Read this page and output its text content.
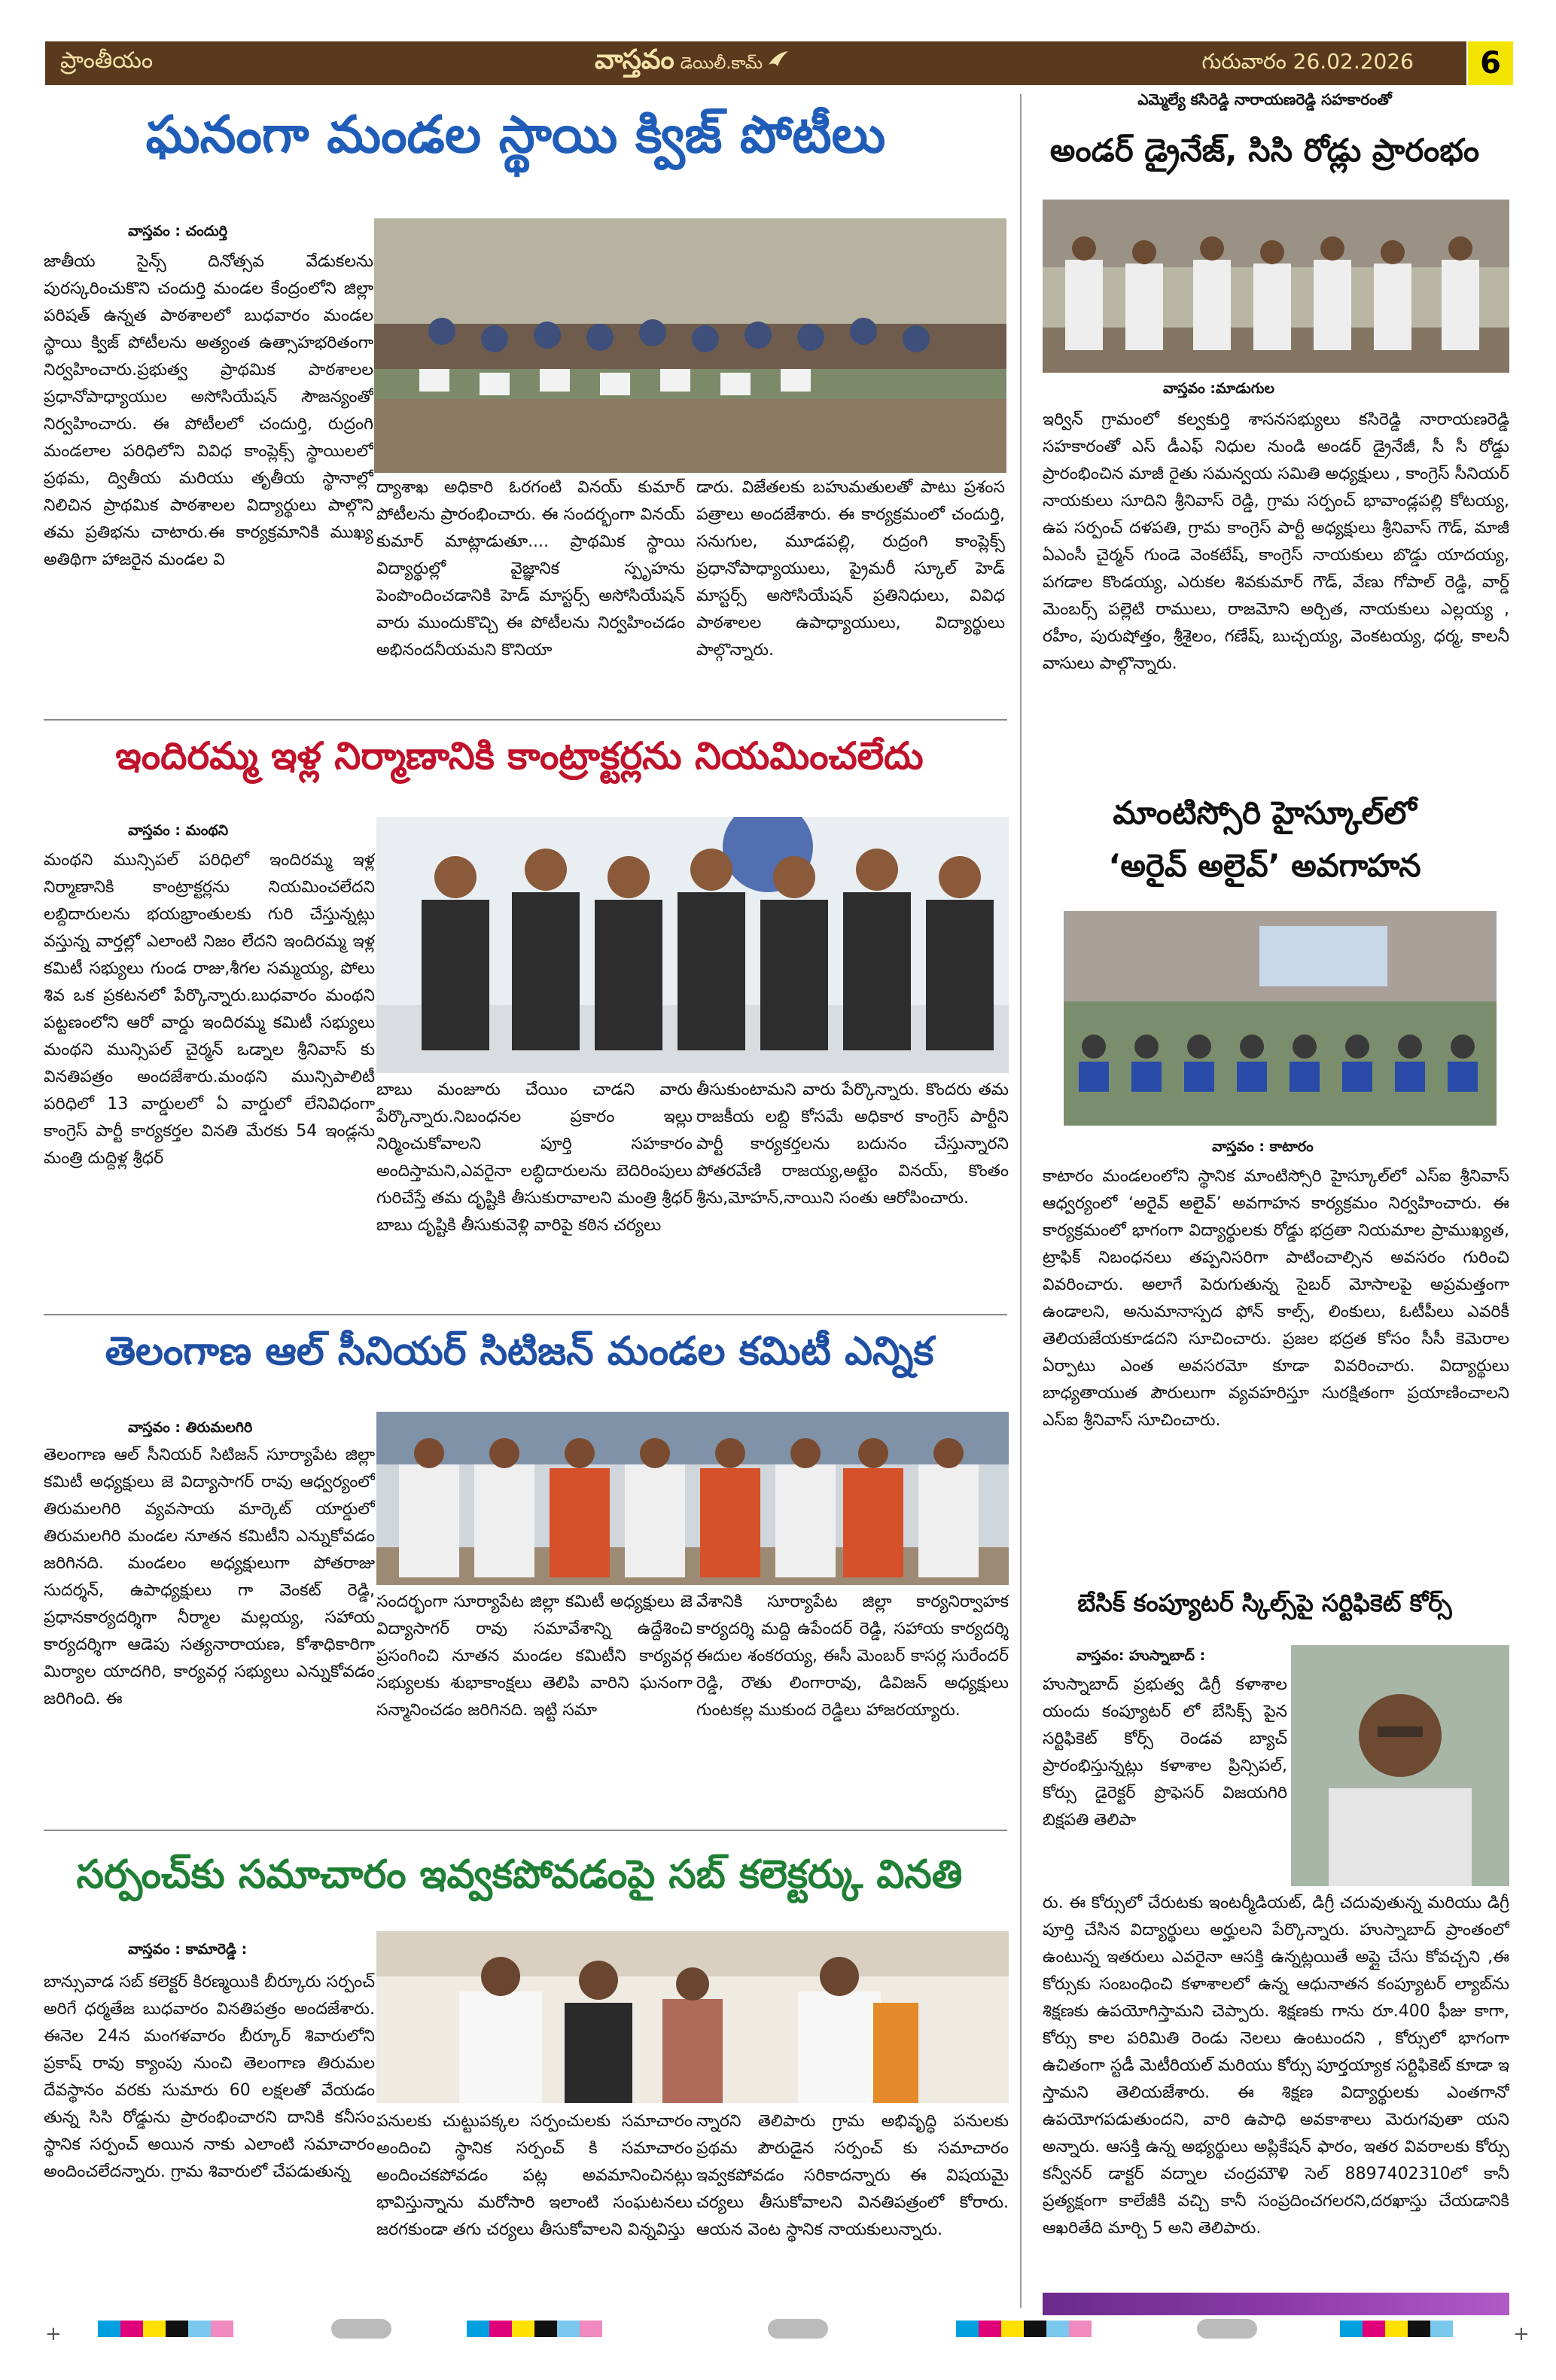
ప్రాంతీయం	వాస్తవం డెయిలీ.కామ్	గురువారం 26.02.2026	6
ఘనంగా మండల స్థాయి క్విజ్ పోటీలు
వాస్తవం : చందుర్తి
జాతీయ సైన్స్ దినోత్సవ వేడుకలను పురస్కరించుకొని చందుర్తి మండల కేంద్రంలోని జిల్లా పరిషత్ ఉన్నత పాఠశాలలో బుధవారం మండల స్థాయి క్విజ్ పోటీలను అత్యంత ఉత్సాహభరితంగా నిర్వహించారు.ప్రభుత్వ ప్రాథమిక పాఠశాలల ప్రధానోపాధ్యాయుల అసోసియేషన్ సౌజన్యంతో నిర్వహించారు. ఈ పోటీలలో చందుర్తి, రుద్రంగి మండలాల పరిధిలోని వివిధ కాంప్లెక్స్ స్థాయిలలో ప్రథమ, ద్వితీయ మరియు తృతీయ స్థానాల్లో నిలిచిన ప్రాథమిక పాఠశాలల విద్యార్థులు పాల్గొని తమ ప్రతిభను చాటారు.ఈ కార్యక్రమానికి ముఖ్య అతిథిగా హాజరైన మండల వి
ద్యాశాఖ అధికారి ఓరగంటి వినయ్ కుమార్ పోటీలను ప్రారంభించారు. ఈ సందర్భంగా వినయ్ కుమార్ మాట్లాడుతూ.... ప్రాథమిక స్థాయి విద్యార్థుల్లో వైజ్ఞానిక స్పృహను పెంపొందించడానికి హెడ్ మాస్టర్స్ అసోసియేషన్ వారు ముందుకొచ్చి ఈ పోటీలను నిర్వహించడం అభినందనీయమని కొనియా
డారు. విజేతలకు బహుమతులతో పాటు ప్రశంస పత్రాలు అందజేశారు. ఈ కార్యక్రమంలో చందుర్తి, సనుగుల, మూడపల్లి, రుద్రంగి కాంప్లెక్స్ ప్రధానోపాధ్యాయులు, ప్రైమరీ స్కూల్ హెడ్ మాస్టర్స్ అసోసియేషన్ ప్రతినిధులు, వివిధ పాఠశాలల ఉపాధ్యాయులు, విద్యార్థులు పాల్గొన్నారు.
ఇందిరమ్మ ఇళ్ల నిర్మాణానికి కాంట్రాక్టర్లను నియమించలేదు
వాస్తవం : మంథని
మంథని మున్సిపల్ పరిధిలో ఇందిరమ్మ ఇళ్ల నిర్మాణానికి కాంట్రాక్టర్లను నియమించలేదని లబ్దిదారులను భయభ్రాంతులకు గురి చేస్తున్నట్లు వస్తున్న వార్తల్లో ఎలాంటి నిజం లేదని ఇందిరమ్మ ఇళ్ల కమిటీ సభ్యులు గుండ రాజు,శీగల సమ్మయ్య, పోలు శివ ఒక ప్రకటనలో పేర్కొన్నారు.బుధవారం మంథని పట్టణంలోని ఆరో వార్డు ఇందిరమ్మ కమిటీ సభ్యులు మంథని మున్సిపల్ చైర్మన్ ఒడ్నాల శ్రీనివాస్ కు వినతిపత్రం అందజేశారు.మంథని మున్సిపాలిటీ పరిధిలో 13 వార్డులలో ఏ వార్డులో లేనివిధంగా కాంగ్రెస్ పార్టీ కార్యకర్తల వినతి మేరకు 54 ఇండ్లను మంత్రి దుద్దిళ్ల శ్రీధర్
బాబు మంజూరు చేయిం చాడని వారు పేర్కొన్నారు.నిబంధనల ప్రకారం ఇల్లు నిర్మించుకోవాలని పూర్తి సహకారం అందిస్తామని,ఎవరైనా లబ్ధిదారులను బెదిరింపులు గురిచేస్తే తమ దృష్టికి తీసుకురావాలని మంత్రి శ్రీధర్ బాబు దృష్టికి తీసుకువెళ్లి వారిపై కఠిన చర్యలు
తీసుకుంటామని వారు పేర్కొన్నారు. కొందరు తమ రాజకీయ లబ్ది కోసమే అధికార కాంగ్రెస్ పార్టీని పార్టీ కార్యకర్తలను బదునం చేస్తున్నారని పోతరవేణి రాజయ్య,అట్టెం వినయ్, కొంతం శ్రీను,మోహన్,నాయిని సంతు ఆరోపించారు.
తెలంగాణ ఆల్ సీనియర్ సిటిజన్ మండల కమిటీ ఎన్నిక
వాస్తవం : తిరుమలగిరి
తెలంగాణ ఆల్ సీనియర్ సిటిజన్ సూర్యాపేట జిల్లా కమిటీ అధ్యక్షులు జె విద్యాసాగర్ రావు ఆధ్వర్యంలో తిరుమలగిరి వ్యవసాయ మార్కెట్ యార్డులో తిరుమలగిరి మండల నూతన కమిటీని ఎన్నుకోవడం జరిగినది. మండలం అధ్యక్షులుగా పోతరాజు సుదర్శన్, ఉపాధ్యక్షులు గా వెంకట్ రెడ్డి, ప్రధానకార్యదర్శిగా నీర్మాల మల్లయ్య, సహాయ కార్యదర్శిగా ఆడెపు సత్యనారాయణ, కోశాధికారిగా మిర్యాల యాదగిరి, కార్యవర్గ సభ్యులు ఎన్నుకోవడం జరిగింది. ఈ
సందర్భంగా సూర్యాపేట జిల్లా కమిటీ అధ్యక్షులు జె విద్యాసాగర్ రావు సమావేశాన్ని ఉద్దేశించి ప్రసంగించి నూతన మండల కమిటీని కార్యవర్గ సభ్యులకు శుభాకాంక్షలు తెలిపి వారిని ఘనంగా సన్మానించడం జరిగినది. ఇట్టి సమా
వేశానికి సూర్యాపేట జిల్లా కార్యనిర్వాహక కార్యదర్శి మద్ది ఉపేందర్ రెడ్డి, సహాయ కార్యదర్శి ఈదుల శంకరయ్య, ఈసీ మెంబర్ కాసర్ల సురేందర్ రెడ్డి, రౌతు లింగారావు, డివిజన్ అధ్యక్షులు గుంటకల్ల ముకుంద రెడ్డిలు హాజరయ్యారు.
సర్పంచ్‌కు సమాచారం ఇవ్వకపోవడంపై సబ్ కలెక్టర్కు వినతి
వాస్తవం : కామారెడ్డి :
బాన్సువాడ సబ్ కలెక్టర్ కిరణ్మయికి బీర్కూరు సర్పంచ్ అరిగే ధర్మతేజ బుధవారం వినతిపత్రం అందజేశారు. ఈనెల 24న మంగళవారం బీర్కూర్ శివారులోని ప్రకాష్ రావు క్యాంపు నుంచి తెలంగాణ తిరుమల దేవస్థానం వరకు సుమారు 60 లక్షలతో వేయడం తున్న సిసి రోడ్డును ప్రారంభించారని దానికి కనీసం స్థానిక సర్పంచ్ అయిన నాకు ఎలాంటి సమాచారం అందించలేదన్నారు. గ్రామ శివారులో చేపడుతున్న
పనులకు చుట్టుపక్కల సర్పంచులకు సమాచారం అందించి స్థానిక సర్పంచ్ కి సమాచారం అందించకపోవడం పట్ల అవమానించినట్లు భావిస్తున్నాను మరోసారి ఇలాంటి సంఘటనలు జరగకుండా తగు చర్యలు తీసుకోవాలని విన్నవిస్తు
న్నారని తెలిపారు గ్రామ అభివృద్ధి పనులకు ప్రథమ పౌరుడైన సర్పంచ్ కు సమాచారం ఇవ్వకపోవడం సరికాదన్నారు ఈ విషయమై చర్యలు తీసుకోవాలని వినతిపత్రంలో కోరారు. ఆయన వెంట స్థానిక నాయకులున్నారు.
ఎమ్మెల్యే కసిరెడ్డి నారాయణరెడ్డి సహకారంతో
అండర్ డ్రైనేజ్, సిసి రోడ్లు ప్రారంభం
వాస్తవం :మాడుగుల
ఇర్విన్ గ్రామంలో కల్వకుర్తి శాసనసభ్యులు కసిరెడ్డి నారాయణరెడ్డి సహకారంతో ఎస్ డీఎఫ్ నిధుల నుండి అండర్ డ్రైనేజీ, సీ సీ రోడ్డు ప్రారంభించిన మాజీ రైతు సమన్వయ సమితి అధ్యక్షులు , కాంగ్రెస్ సీనియర్ నాయకులు సూదిని శ్రీనివాస్ రెడ్డి, గ్రామ సర్పంచ్ భావాండ్లపల్లి కోటయ్య, ఉప సర్పంచ్ దళపతి, గ్రామ కాంగ్రెస్ పార్టీ అధ్యక్షులు శ్రీనివాస్ గౌడ్, మాజీ ఏఎంసీ చైర్మన్ గుండె వెంకటేష్, కాంగ్రెస్ నాయకులు బొడ్డు యాదయ్య, పగడాల కొండయ్య, ఎరుకల శివకుమార్ గౌడ్, వేణు గోపాల్ రెడ్డి, వార్డ్ మెంబర్స్ పల్లెటి రాములు, రాజమోని అర్చిత, నాయకులు ఎల్లయ్య , రహీం, పురుషోత్తం, శ్రీశైలం, గణేష్, బుచ్చయ్య, వెంకటయ్య, ధర్మ, కాలనీ వాసులు పాల్గొన్నారు.
మాంటిస్సోరి హైస్కూల్‌లో
‘అరైవ్ అలైవ్’ అవగాహన
వాస్తవం : కాటారం
కాటారం మండలంలోని స్థానిక మాంటిస్సోరి హైస్కూల్‌లో ఎస్ఐ శ్రీనివాస్ ఆధ్వర్యంలో ‘అరైవ్ అలైవ్’ అవగాహన కార్యక్రమం నిర్వహించారు. ఈ కార్యక్రమంలో భాగంగా విద్యార్థులకు రోడ్డు భద్రతా నియమాల ప్రాముఖ్యత, ట్రాఫిక్ నిబంధనలు తప్పనిసరిగా పాటించాల్సిన అవసరం గురించి వివరించారు. అలాగే పెరుగుతున్న సైబర్ మోసాలపై అప్రమత్తంగా ఉండాలని, అనుమానాస్పద ఫోన్ కాల్స్, లింకులు, ఓటీపీలు ఎవరికీ తెలియజేయకూడదని సూచించారు. ప్రజల భద్రత కోసం సీసీ కెమెరాల ఏర్పాటు ఎంత అవసరమో కూడా వివరించారు. విద్యార్థులు బాధ్యతాయుత పౌరులుగా వ్యవహరిస్తూ సురక్షితంగా ప్రయాణించాలని ఎస్ఐ శ్రీనివాస్ సూచించారు.
బేసిక్ కంప్యూటర్ స్కిల్స్‌పై సర్టిఫికెట్ కోర్స్
వాస్తవం: హుస్నాబాద్ :
హుస్నాబాద్ ప్రభుత్వ డిగ్రీ కళాశాల యందు కంప్యూటర్ లో బేసిక్స్ పైన సర్టిఫికెట్ కోర్స్ రెండవ బ్యాచ్ ప్రారంభిస్తున్నట్లు కళాశాల ప్రిన్సిపల్, కోర్సు డైరెక్టర్ ప్రొఫెసర్ విజయగిరి బిక్షపతి తెలిపా
రు. ఈ కోర్సులో చేరుటకు ఇంటర్మీడియట్, డిగ్రీ చదువుతున్న మరియు డిగ్రీ పూర్తి చేసిన విద్యార్థులు అర్హులని పేర్కొన్నారు. హుస్నాబాద్ ప్రాంతంలో ఉంటున్న ఇతరులు ఎవరైనా ఆసక్తి ఉన్నట్లయితే అప్లై చేసు కోవచ్చని ,ఈ కోర్సుకు సంబంధించి కళాశాలలో ఉన్న ఆధునాతన కంప్యూటర్ ల్యాబ్‌ను శిక్షణకు ఉపయోగిస్తామని చెప్పారు. శిక్షణకు గాను రూ.400 ఫీజు కాగా, కోర్సు కాల పరిమితి రెండు నెలలు ఉంటుందని , కోర్సులో భాగంగా ఉచితంగా స్టడీ మెటీరియల్ మరియు కోర్సు పూర్తయ్యాక సర్టిఫికెట్ కూడా ఇ స్తామని తెలియజేశారు. ఈ శిక్షణ విద్యార్థులకు ఎంతగానో ఉపయోగపడుతుందని, వారి ఉపాధి అవకాశాలు మెరుగవుతా యని అన్నారు. ఆసక్తి ఉన్న అభ్యర్థులు అప్లికేషన్ ఫారం, ఇతర వివరాలకు కోర్సు కన్వీనర్ డాక్టర్ వద్నాల చంద్రమౌళి సెల్ 8897402310లో కానీ ప్రత్యక్షంగా కాలేజీకి వచ్చి కానీ సంప్రదించగలరని,దరఖాస్తు చేయడానికి ఆఖరితేది మార్చి 5 అని తెలిపారు.
+	+
